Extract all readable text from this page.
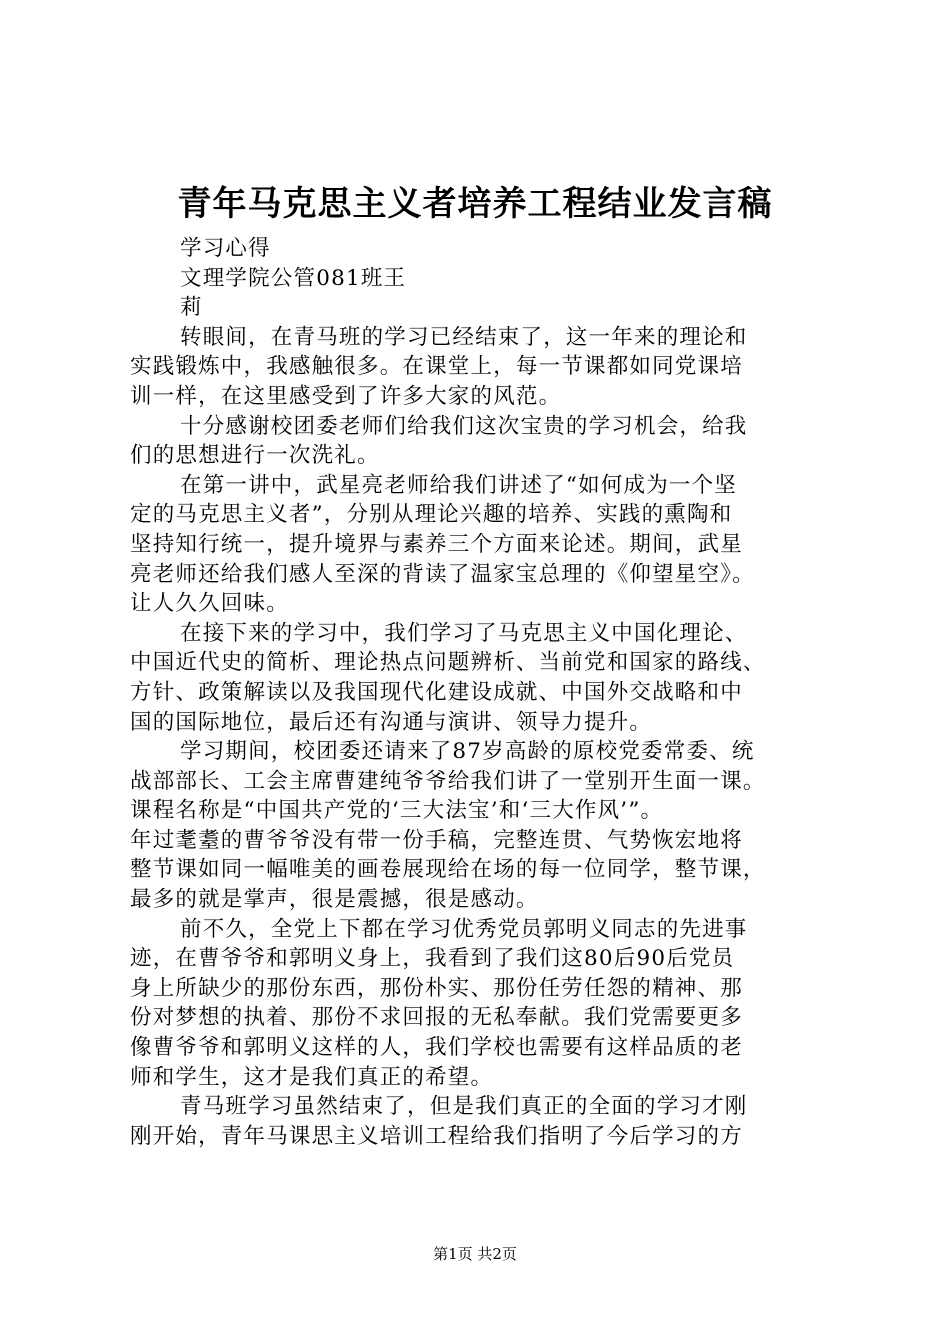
青年马克思主义者培养工程结业发言稿
学习心得
文理学院公管081班王
莉
转眼间，在青马班的学习已经结束了，这一年来的理论和
实践锻炼中，我感触很多。在课堂上，每一节课都如同党课培
训一样，在这里感受到了许多大家的风范。
十分感谢校团委老师们给我们这次宝贵的学习机会，给我
们的思想进行一次洗礼。
在第一讲中，武星亮老师给我们讲述了“如何成为一个坚
定的马克思主义者”，分别从理论兴趣的培养、实践的熏陶和
坚持知行统一，提升境界与素养三个方面来论述。期间，武星
亮老师还给我们感人至深的背读了温家宝总理的《仰望星空》。
让人久久回味。
在接下来的学习中，我们学习了马克思主义中国化理论、
中国近代史的简析、理论热点问题辨析、当前党和国家的路线、
方针、政策解读以及我国现代化建设成就、中国外交战略和中
国的国际地位，最后还有沟通与演讲、领导力提升。
学习期间，校团委还请来了87岁高龄的原校党委常委、统
战部部长、工会主席曹建纯爷爷给我们讲了一堂别开生面一课。
课程名称是“中国共产党的‘三大法宝’和‘三大作风’”。
年过耄耋的曹爷爷没有带一份手稿，完整连贯、气势恢宏地将
整节课如同一幅唯美的画卷展现给在场的每一位同学，整节课，
最多的就是掌声，很是震撼，很是感动。
前不久，全党上下都在学习优秀党员郭明义同志的先进事
迹，在曹爷爷和郭明义身上，我看到了我们这80后90后党员
身上所缺少的那份东西，那份朴实、那份任劳任怨的精神、那
份对梦想的执着、那份不求回报的无私奉献。我们党需要更多
像曹爷爷和郭明义这样的人，我们学校也需要有这样品质的老
师和学生，这才是我们真正的希望。
青马班学习虽然结束了，但是我们真正的全面的学习才刚
刚开始，青年马课思主义培训工程给我们指明了今后学习的方
第1页 共2页
